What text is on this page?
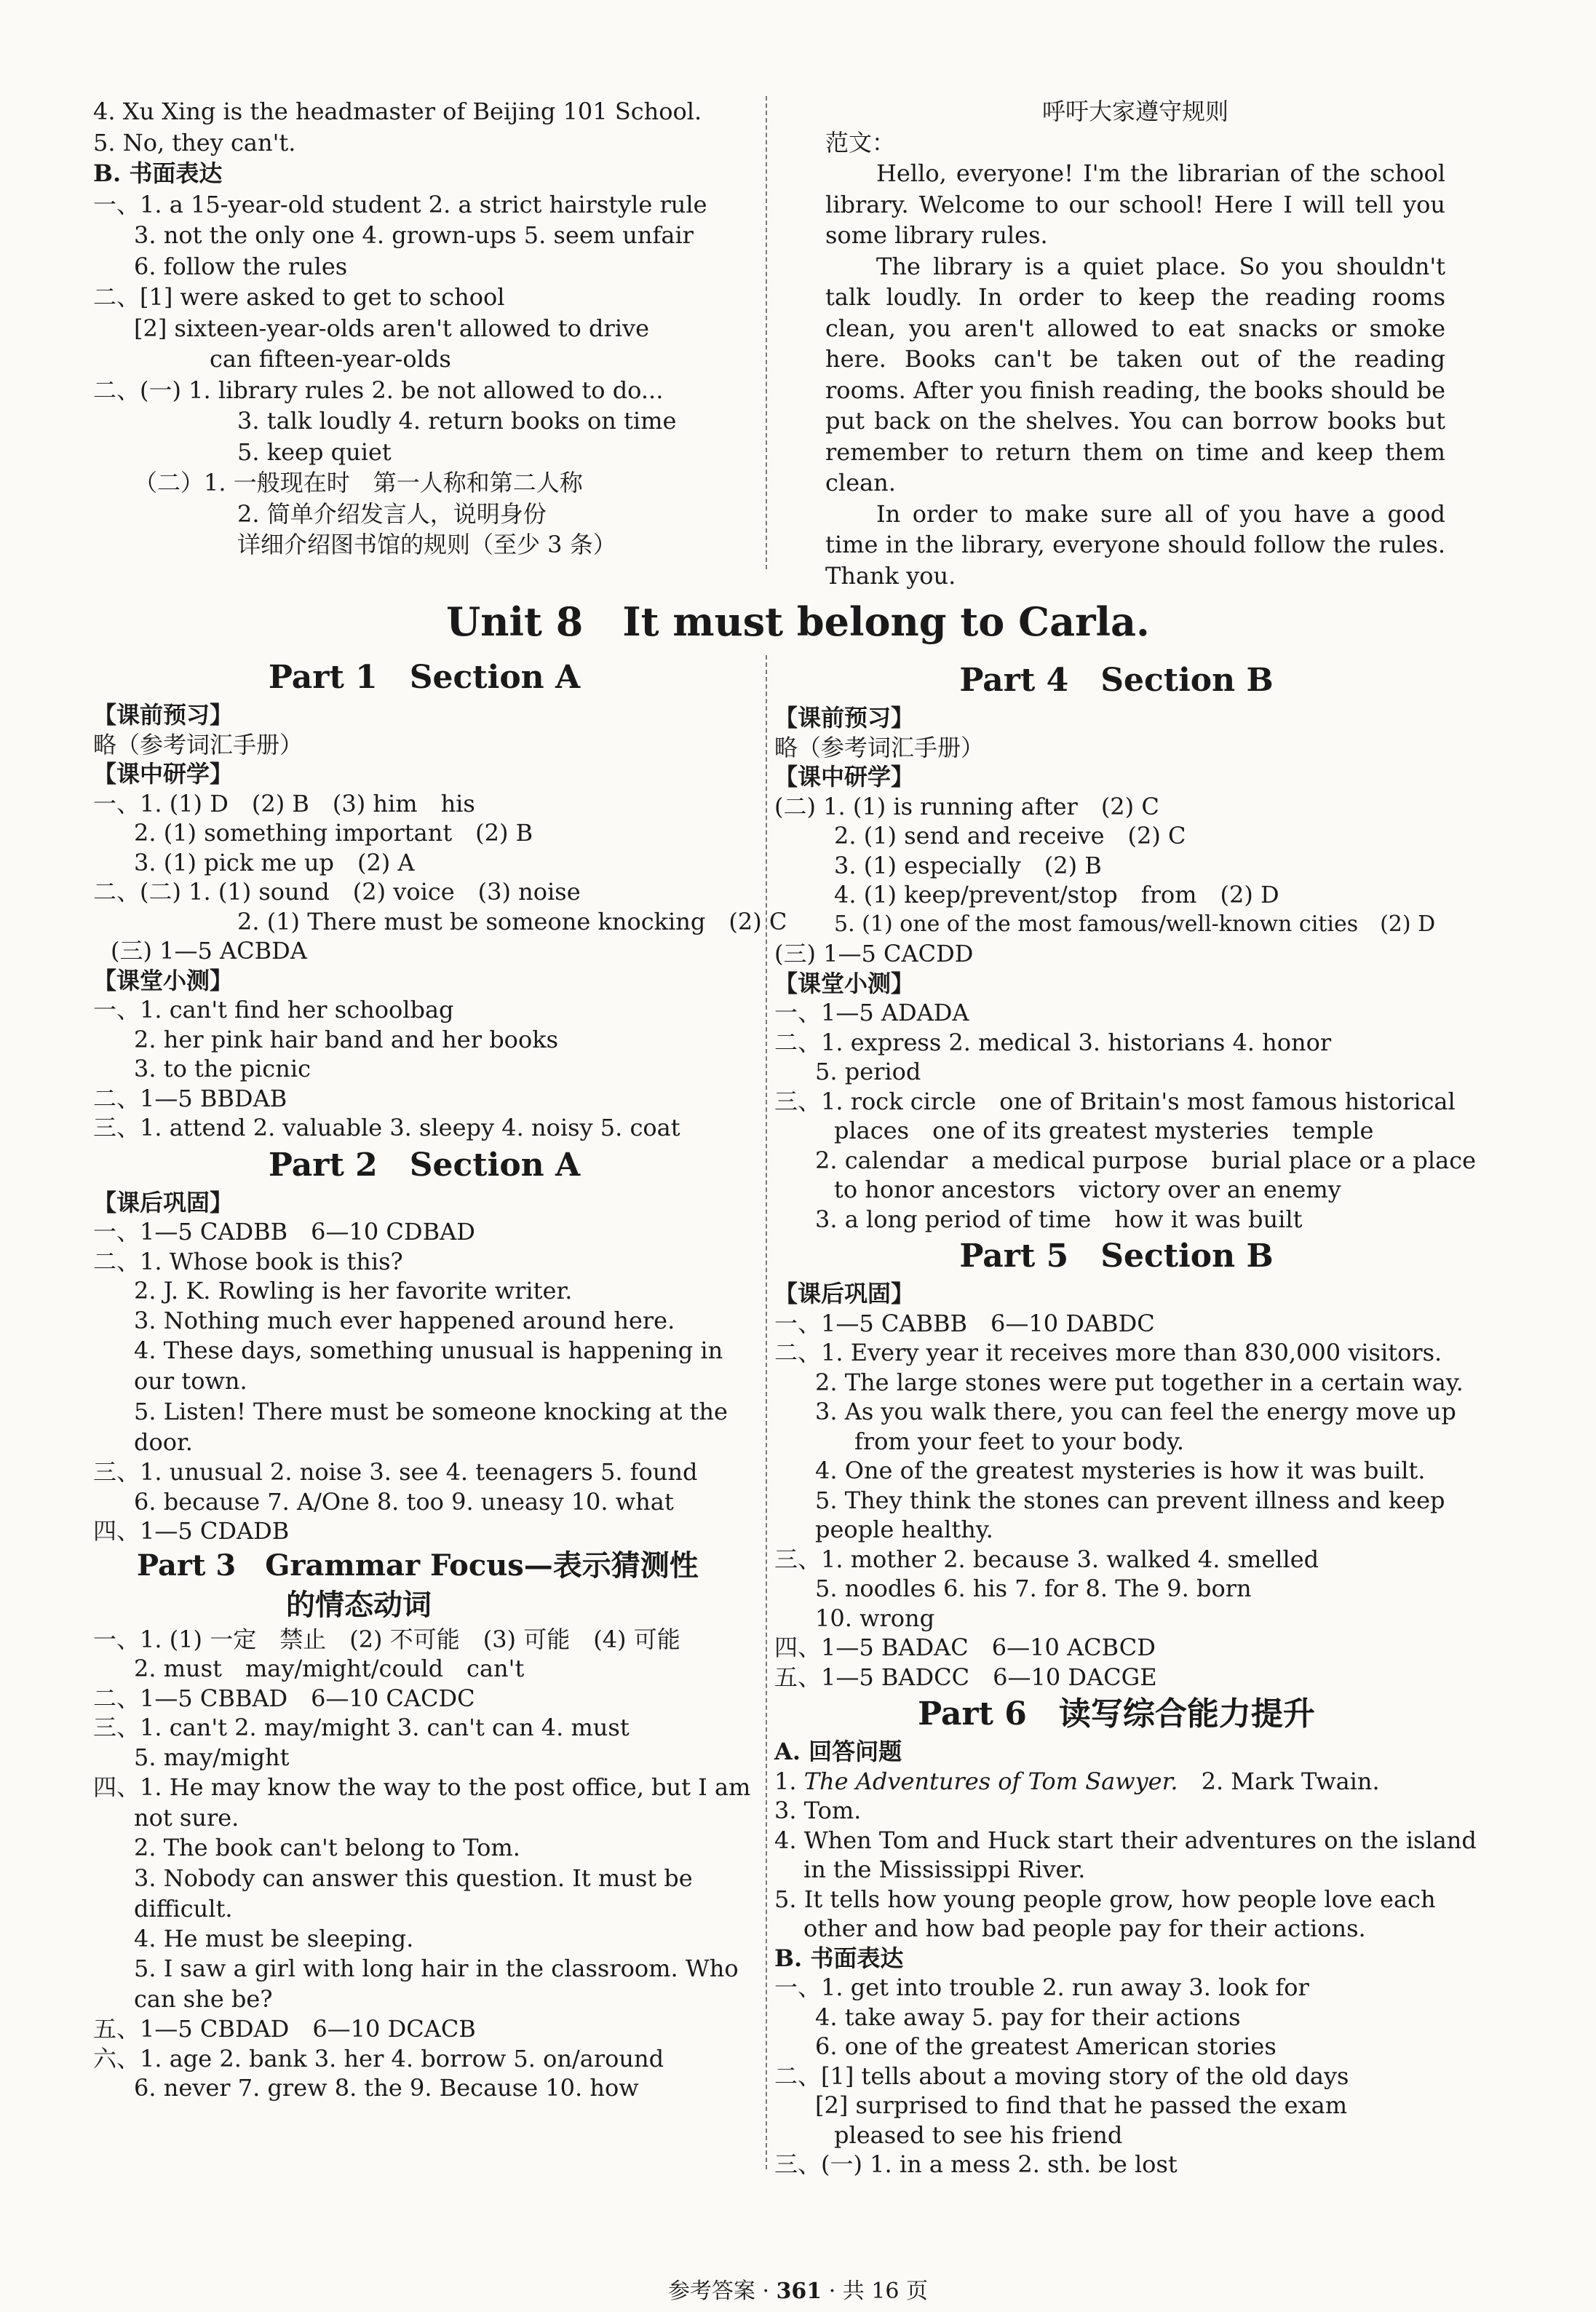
4. Xu Xing is the headmaster of Beijing 101 School.
5. No, they can't.
B. 书面表达
一、1. a 15-year-old student 2. a strict hairstyle rule
3. not the only one 4. grown-ups 5. seem unfair
6. follow the rules
二、[1] were asked to get to school
[2] sixteen-year-olds aren't allowed to drive
can fifteen-year-olds
二、(一) 1. library rules 2. be not allowed to do...
3. talk loudly 4. return books on time
5. keep quiet
（二）1. 一般现在时　第一人称和第二人称
2. 简单介绍发言人，说明身份
详细介绍图书馆的规则（至少 3 条）
呼吁大家遵守规则
范文：
Hello, everyone! I'm the librarian of the school library. Welcome to our school! Here I will tell you some library rules.
The library is a quiet place. So you shouldn't talk loudly. In order to keep the reading rooms clean, you aren't allowed to eat snacks or smoke here. Books can't be taken out of the reading rooms. After you finish reading, the books should be put back on the shelves. You can borrow books but remember to return them on time and keep them clean.
In order to make sure all of you have a good time in the library, everyone should follow the rules. Thank you.
Unit 8　It must belong to Carla.
Part 1　Section A
【课前预习】
略（参考词汇手册）
【课中研学】
一、1. (1) D　(2) B　(3) him　his
2. (1) something important　(2) B
3. (1) pick me up　(2) A
二、(二) 1. (1) sound　(2) voice　(3) noise
2. (1) There must be someone knocking　(2) C
(三) 1—5 ACBDA
【课堂小测】
一、1. can't find her schoolbag
2. her pink hair band and her books
3. to the picnic
二、1—5 BBDAB
三、1. attend 2. valuable 3. sleepy 4. noisy 5. coat
Part 2　Section A
【课后巩固】
一、1—5 CADBB　6—10 CDBAD
二、1. Whose book is this?
2. J. K. Rowling is her favorite writer.
3. Nothing much ever happened around here.
4. These days, something unusual is happening in our town.
5. Listen! There must be someone knocking at the door.
三、1. unusual 2. noise 3. see 4. teenagers 5. found
6. because 7. A/One 8. too 9. uneasy 10. what
四、1—5 CDADB
Part 3　Grammar Focus—表示猜测性
的情态动词
一、1. (1) 一定　禁止　(2) 不可能　(3) 可能　(4) 可能
2. must　may/might/could　can't
二、1—5 CBBAD　6—10 CACDC
三、1. can't 2. may/might 3. can't can 4. must
5. may/might
四、1. He may know the way to the post office, but I am not sure.
2. The book can't belong to Tom.
3. Nobody can answer this question. It must be difficult.
4. He must be sleeping.
5. I saw a girl with long hair in the classroom. Who can she be?
五、1—5 CBDAD　6—10 DCACB
六、1. age 2. bank 3. her 4. borrow 5. on/around
6. never 7. grew 8. the 9. Because 10. how
Part 4　Section B
【课前预习】
略（参考词汇手册）
【课中研学】
(二) 1. (1) is running after　(2) C
2. (1) send and receive　(2) C
3. (1) especially　(2) B
4. (1) keep/prevent/stop　from　(2) D
5. (1) one of the most famous/well-known cities　(2) D
(三) 1—5 CACDD
【课堂小测】
一、1—5 ADADA
二、1. express 2. medical 3. historians 4. honor
5. period
三、1. rock circle　one of Britain's most famous historical
places　one of its greatest mysteries　temple
2. calendar　a medical purpose　burial place or a place
to honor ancestors　victory over an enemy
3. a long period of time　how it was built
Part 5　Section B
【课后巩固】
一、1—5 CABBB　6—10 DABDC
二、1. Every year it receives more than 830,000 visitors.
2. The large stones were put together in a certain way.
3. As you walk there, you can feel the energy move up
from your feet to your body.
4. One of the greatest mysteries is how it was built.
5. They think the stones can prevent illness and keep
people healthy.
三、1. mother 2. because 3. walked 4. smelled
5. noodles 6. his 7. for 8. The 9. born
10. wrong
四、1—5 BADAC　6—10 ACBCD
五、1—5 BADCC　6—10 DACGE
Part 6　读写综合能力提升
A. 回答问题
1. The Adventures of Tom Sawyer.　 2. Mark Twain.
3. Tom.
4. When Tom and Huck start their adventures on the island
in the Mississippi River.
5. It tells how young people grow, how people love each
other and how bad people pay for their actions.
B. 书面表达
一、1. get into trouble 2. run away 3. look for
4. take away 5. pay for their actions
6. one of the greatest American stories
二、[1] tells about a moving story of the old days
[2] surprised to find that he passed the exam
pleased to see his friend
三、(一) 1. in a mess 2. sth. be lost
参考答案 · 361 · 共 16 页
